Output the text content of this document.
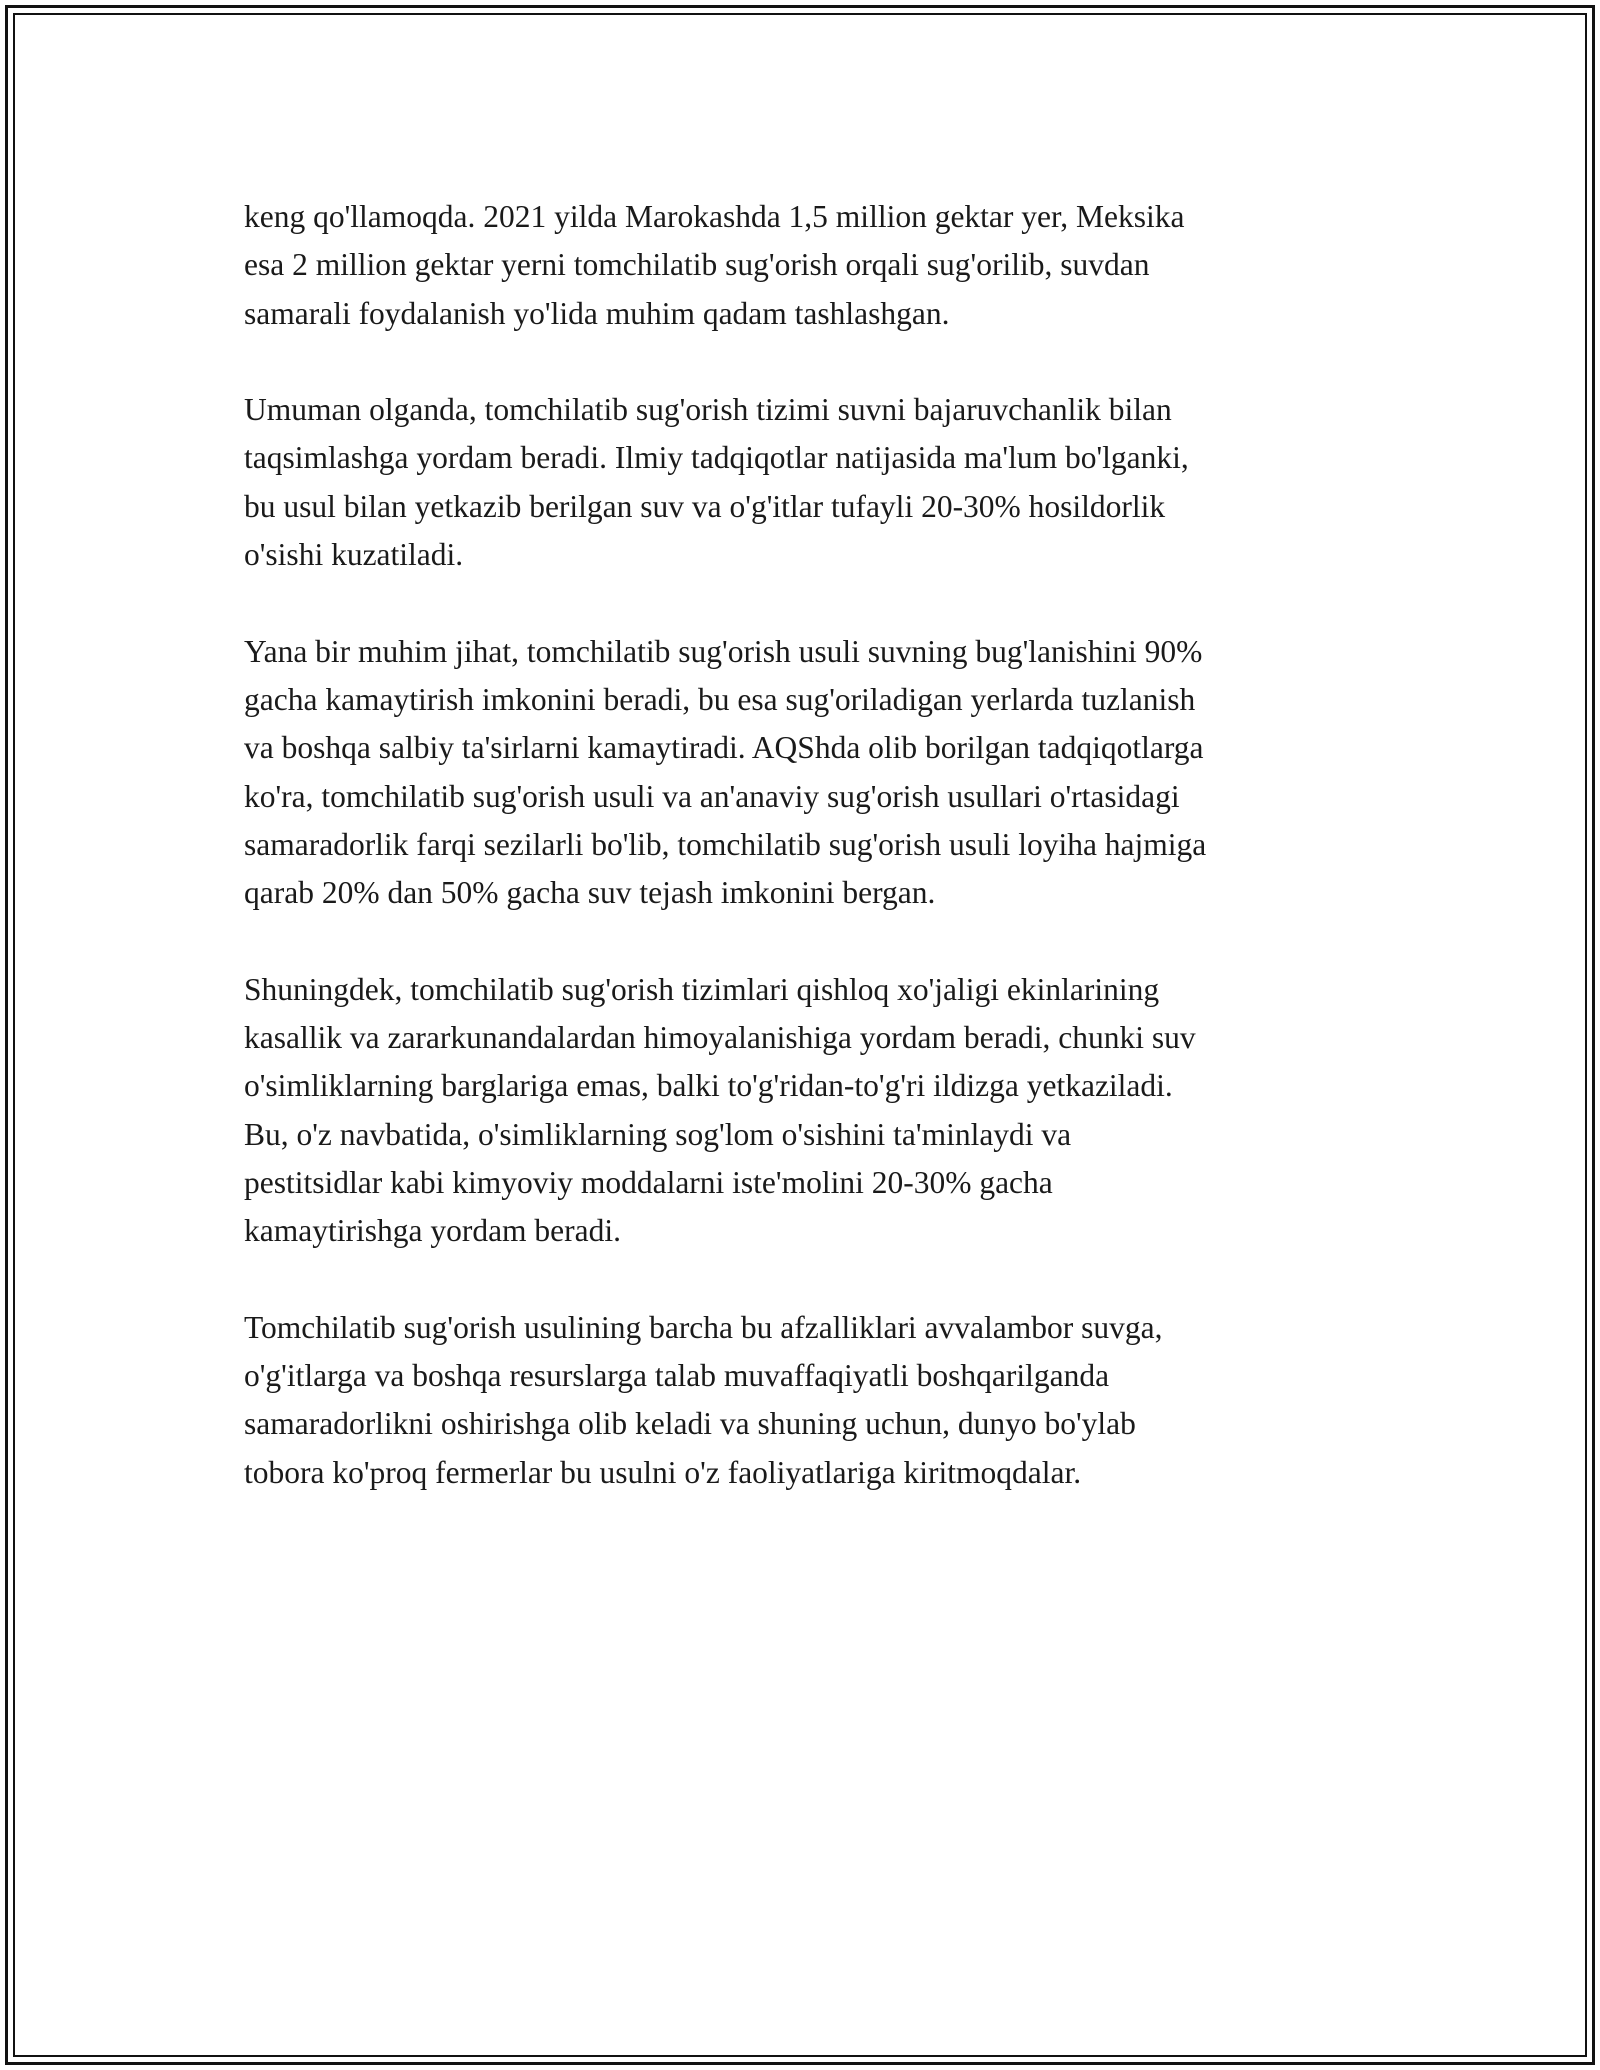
keng qo'llamoqda. 2021 yilda Marokashda 1,5 million gektar yer, Meksika
esa 2 million gektar yerni tomchilatib sug'orish orqali sug'orilib, suvdan
samarali foydalanish yo'lida muhim qadam tashlashgan.

Umuman olganda, tomchilatib sug'orish tizimi suvni bajaruvchanlik bilan
taqsimlashga yordam beradi. Ilmiy tadqiqotlar natijasida ma'lum bo'lganki,
bu usul bilan yetkazib berilgan suv va o'g'itlar tufayli 20-30% hosildorlik
o'sishi kuzatiladi.

Yana bir muhim jihat, tomchilatib sug'orish usuli suvning bug'lanishini 90%
gacha kamaytirish imkonini beradi, bu esa sug'oriladigan yerlarda tuzlanish
va boshqa salbiy ta'sirlarni kamaytiradi. AQShda olib borilgan tadqiqotlarga
ko'ra, tomchilatib sug'orish usuli va an'anaviy sug'orish usullari o'rtasidagi
samaradorlik farqi sezilarli bo'lib, tomchilatib sug'orish usuli loyiha hajmiga
qarab 20% dan 50% gacha suv tejash imkonini bergan.

Shuningdek, tomchilatib sug'orish tizimlari qishloq xo'jaligi ekinlarining
kasallik va zararkunandalardan himoyalanishiga yordam beradi, chunki suv
o'simliklarning barglariga emas, balki to'g'ridan-to'g'ri ildizga yetkaziladi.
Bu, o'z navbatida, o'simliklarning sog'lom o'sishini ta'minlaydi va
pestitsidlar kabi kimyoviy moddalarni iste'molini 20-30% gacha
kamaytirishga yordam beradi.

Tomchilatib sug'orish usulining barcha bu afzalliklari avvalambor suvga,
o'g'itlarga va boshqa resurslarga talab muvaffaqiyatli boshqarilganda
samaradorlikni oshirishga olib keladi va shuning uchun, dunyo bo'ylab
tobora ko'proq fermerlar bu usulni o'z faoliyatlariga kiritmoqdalar.
